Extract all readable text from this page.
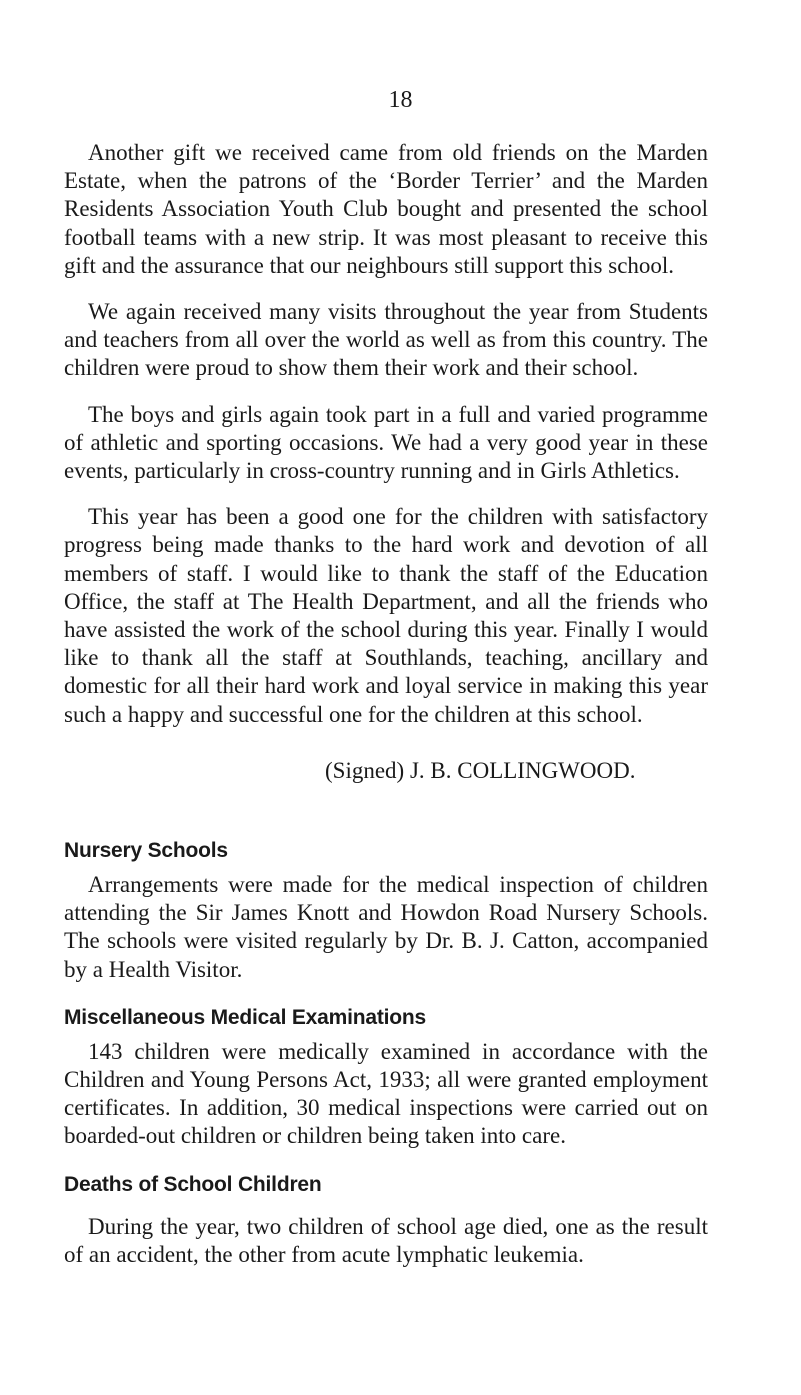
18

Another gift we received came from old friends on the Marden Estate, when the patrons of the ‘Border Terrier’ and the Marden Residents Association Youth Club bought and presented the school football teams with a new strip. It was most pleasant to receive this gift and the assurance that our neighbours still support this school.

We again received many visits throughout the year from Students and teachers from all over the world as well as from this country. The children were proud to show them their work and their school.

The boys and girls again took part in a full and varied programme of athletic and sporting occasions. We had a very good year in these events, particularly in cross-country running and in Girls Athletics.

This year has been a good one for the children with satisfactory progress being made thanks to the hard work and devotion of all members of staff. I would like to thank the staff of the Education Office, the staff at The Health Department, and all the friends who have assisted the work of the school during this year. Finally I would like to thank all the staff at Southlands, teaching, ancillary and domestic for all their hard work and loyal service in making this year such a happy and successful one for the children at this school.

(Signed) J. B. COLLINGWOOD.

Nursery Schools

Arrangements were made for the medical inspection of children attending the Sir James Knott and Howdon Road Nursery Schools. The schools were visited regularly by Dr. B. J. Catton, accompanied by a Health Visitor.

Miscellaneous Medical Examinations

143 children were medically examined in accordance with the Children and Young Persons Act, 1933; all were granted employment certificates. In addition, 30 medical inspections were carried out on boarded-out children or children being taken into care.

Deaths of School Children

During the year, two children of school age died, one as the result of an accident, the other from acute lymphatic leukemia.
